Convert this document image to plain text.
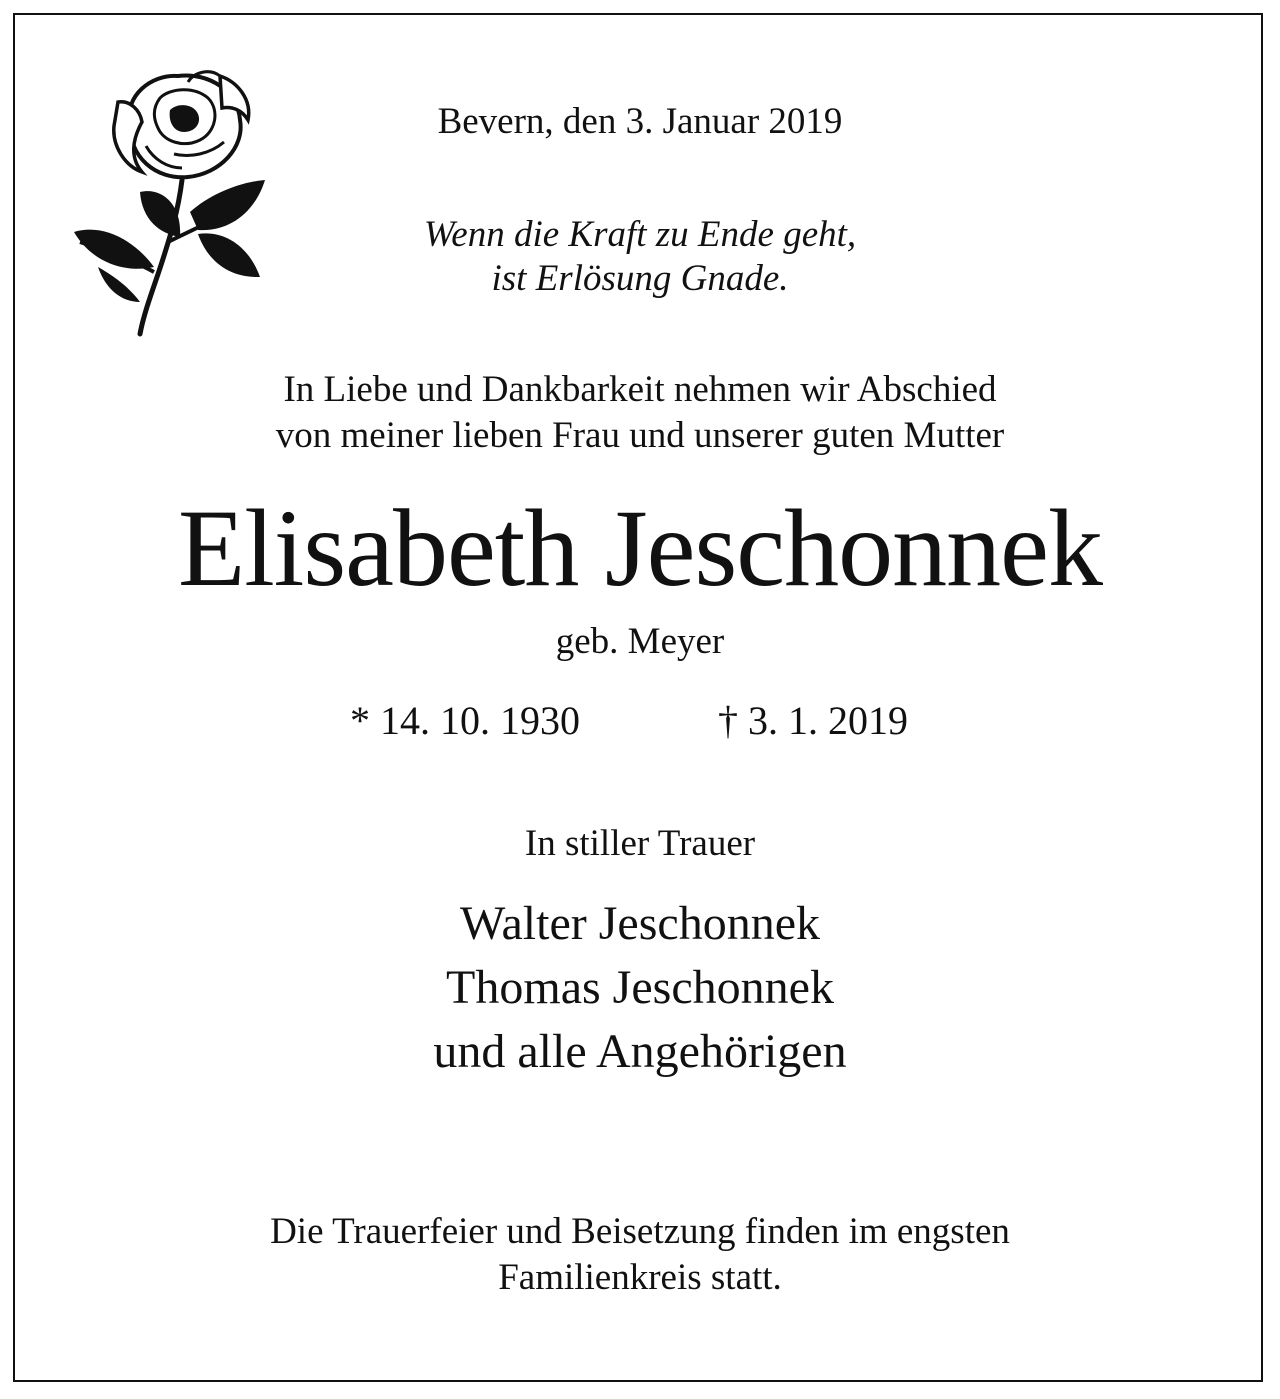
Bevern, den 3. Januar 2019

Wenn die Kraft zu Ende geht,

ist Erlösung Gnade.

In Liebe und Dankbarkeit nehmen wir Abschied

von meiner lieben Frau und unserer guten Mutter

Elisabeth Jeschonnek

geb. Meyer

* 14. 10. 1930	† 3. 1. 2019

In stiller Trauer

Walter Jeschonnek

Thomas Jeschonnek

und alle Angehörigen

Die Trauerfeier und Beisetzung finden im engsten

Familienkreis statt.
